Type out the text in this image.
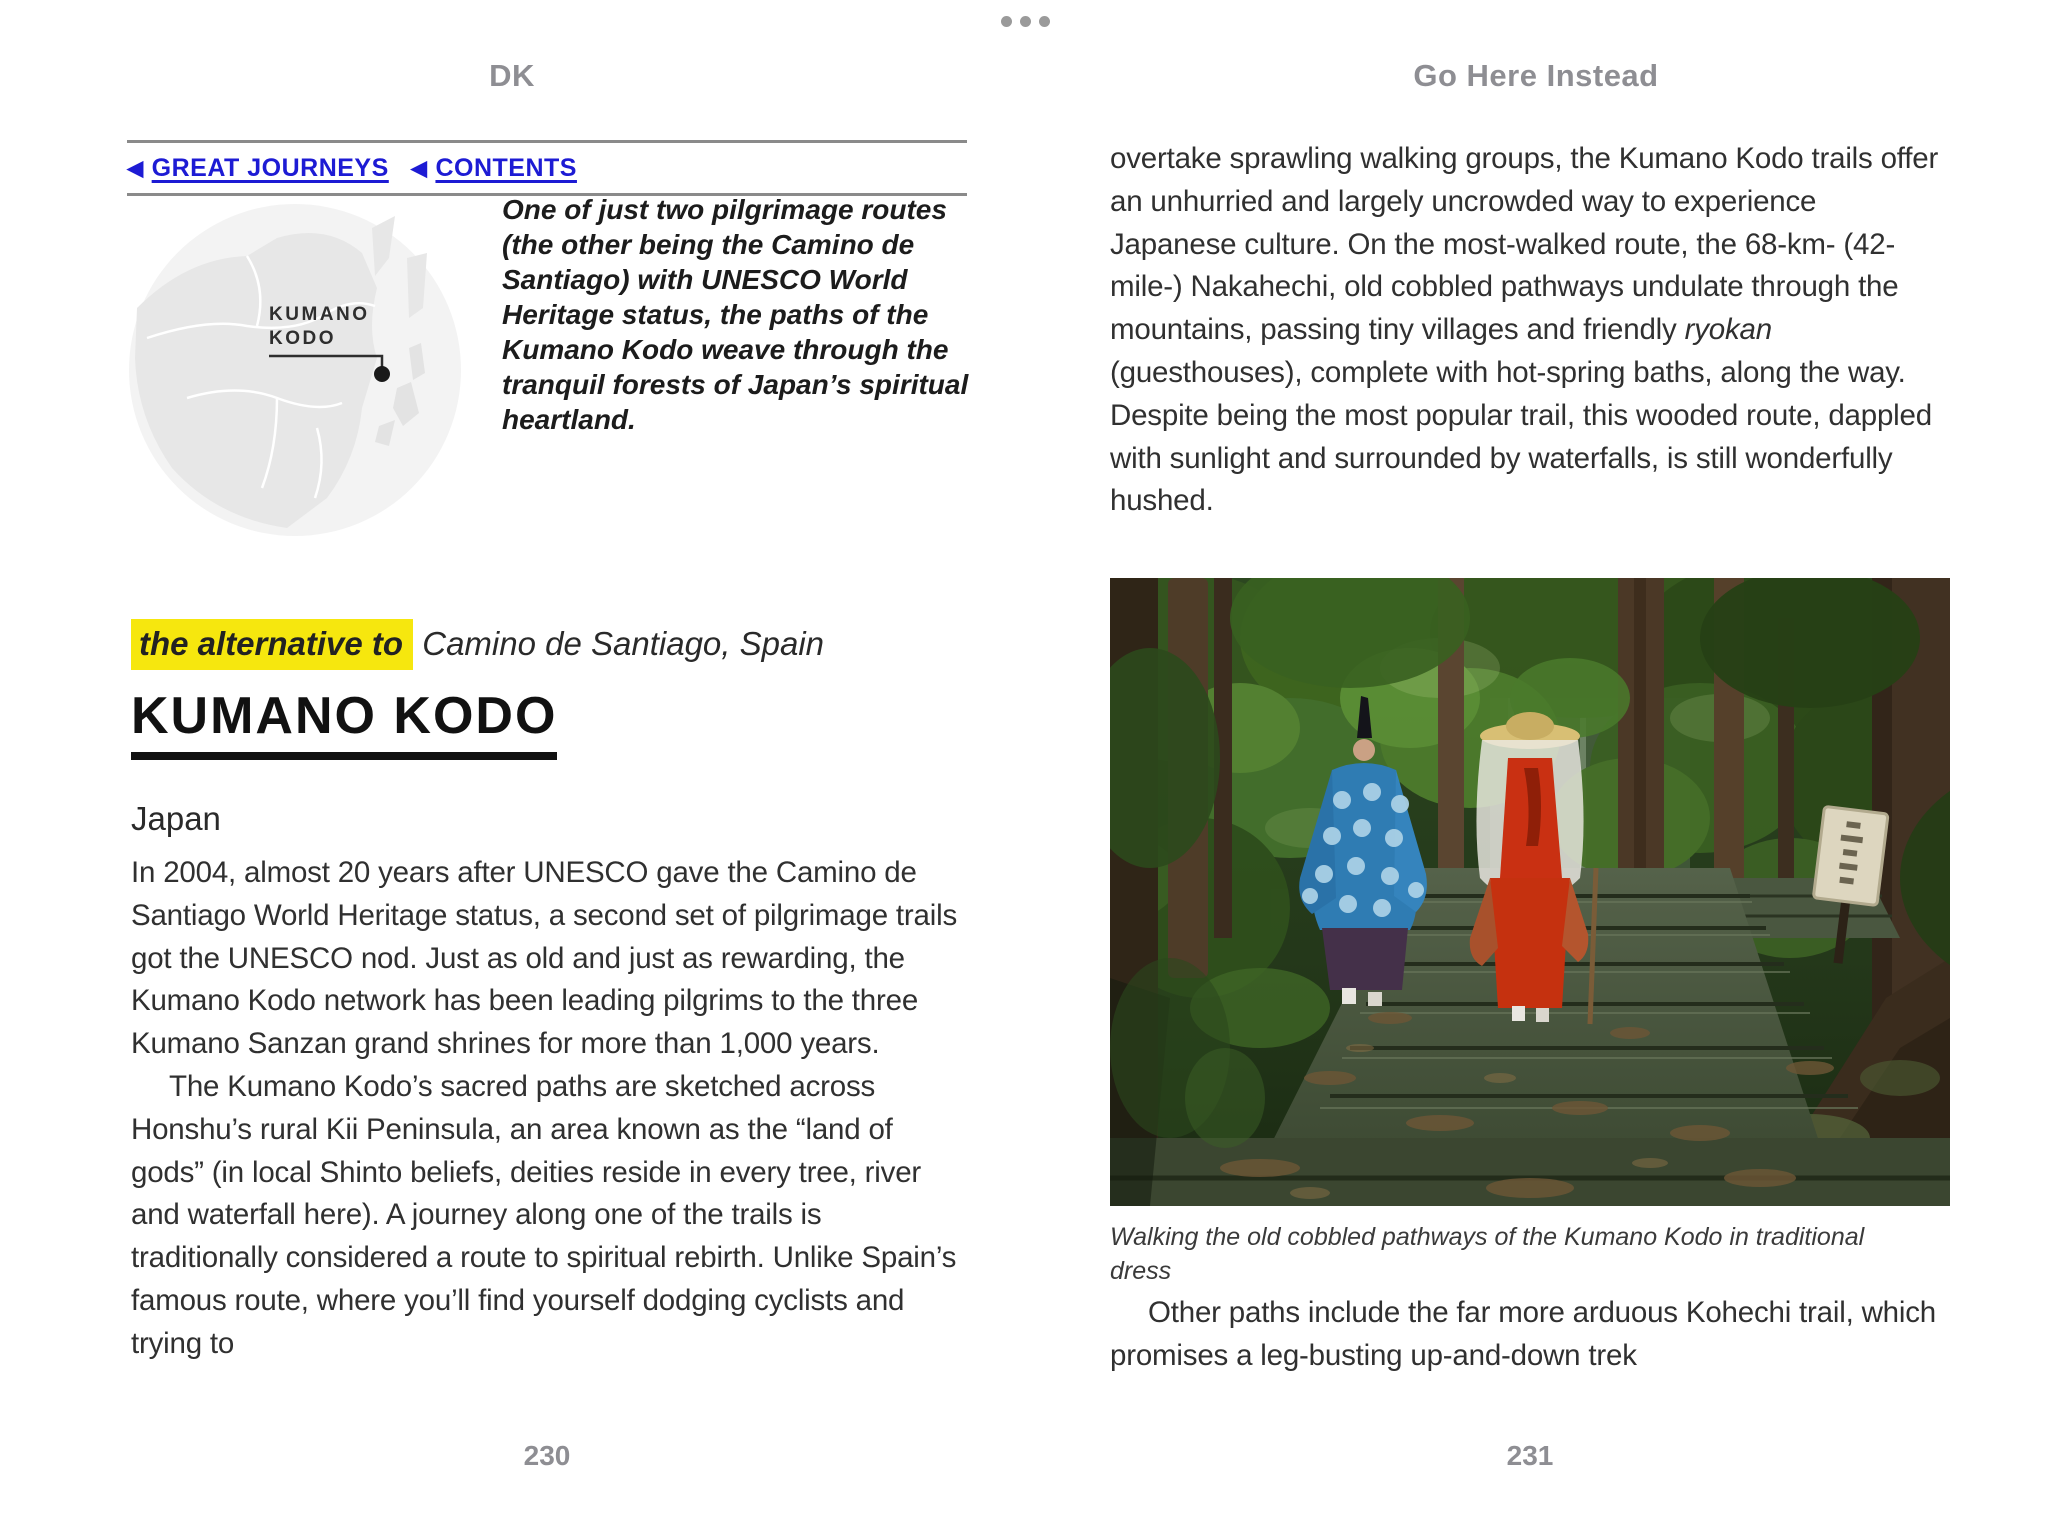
DK
◀ GREAT JOURNEYS ◀ CONTENTS
KUMANO
KODO
One of just two pilgrimage routes (the other being the Camino de Santiago) with UNESCO World Heritage status, the paths of the Kumano Kodo weave through the tranquil forests of Japan’s spiritual heartland.
the alternative to Camino de Santiago, Spain
KUMANO KODO
Japan

In 2004, almost 20 years after UNESCO gave the Camino de Santiago World Heritage status, a second set of pilgrimage trails got the UNESCO nod. Just as old and just as rewarding, the Kumano Kodo network has been leading pilgrims to the three Kumano Sanzan grand shrines for more than 1,000 years.

The Kumano Kodo’s sacred paths are sketched across Honshu’s rural Kii Peninsula, an area known as the “land of gods” (in local Shinto beliefs, deities reside in every tree, river and waterfall here). A journey along one of the trails is traditionally considered a route to spiritual rebirth. Unlike Spain’s famous route, where you’ll find yourself dodging cyclists and trying to

230
Go Here Instead

overtake sprawling walking groups, the Kumano Kodo trails offer an unhurried and largely uncrowded way to experience Japanese culture. On the most-walked route, the 68-km- (42-mile-) Nakahechi, old cobbled pathways undulate through the mountains, passing tiny villages and friendly ryokan (guesthouses), complete with hot-spring baths, along the way. Despite being the most popular trail, this wooded route, dappled with sunlight and surrounded by waterfalls, is still wonderfully hushed.

Walking the old cobbled pathways of the Kumano Kodo in traditional dress

Other paths include the far more arduous Kohechi trail, which promises a leg-busting up-and-down trek

231
